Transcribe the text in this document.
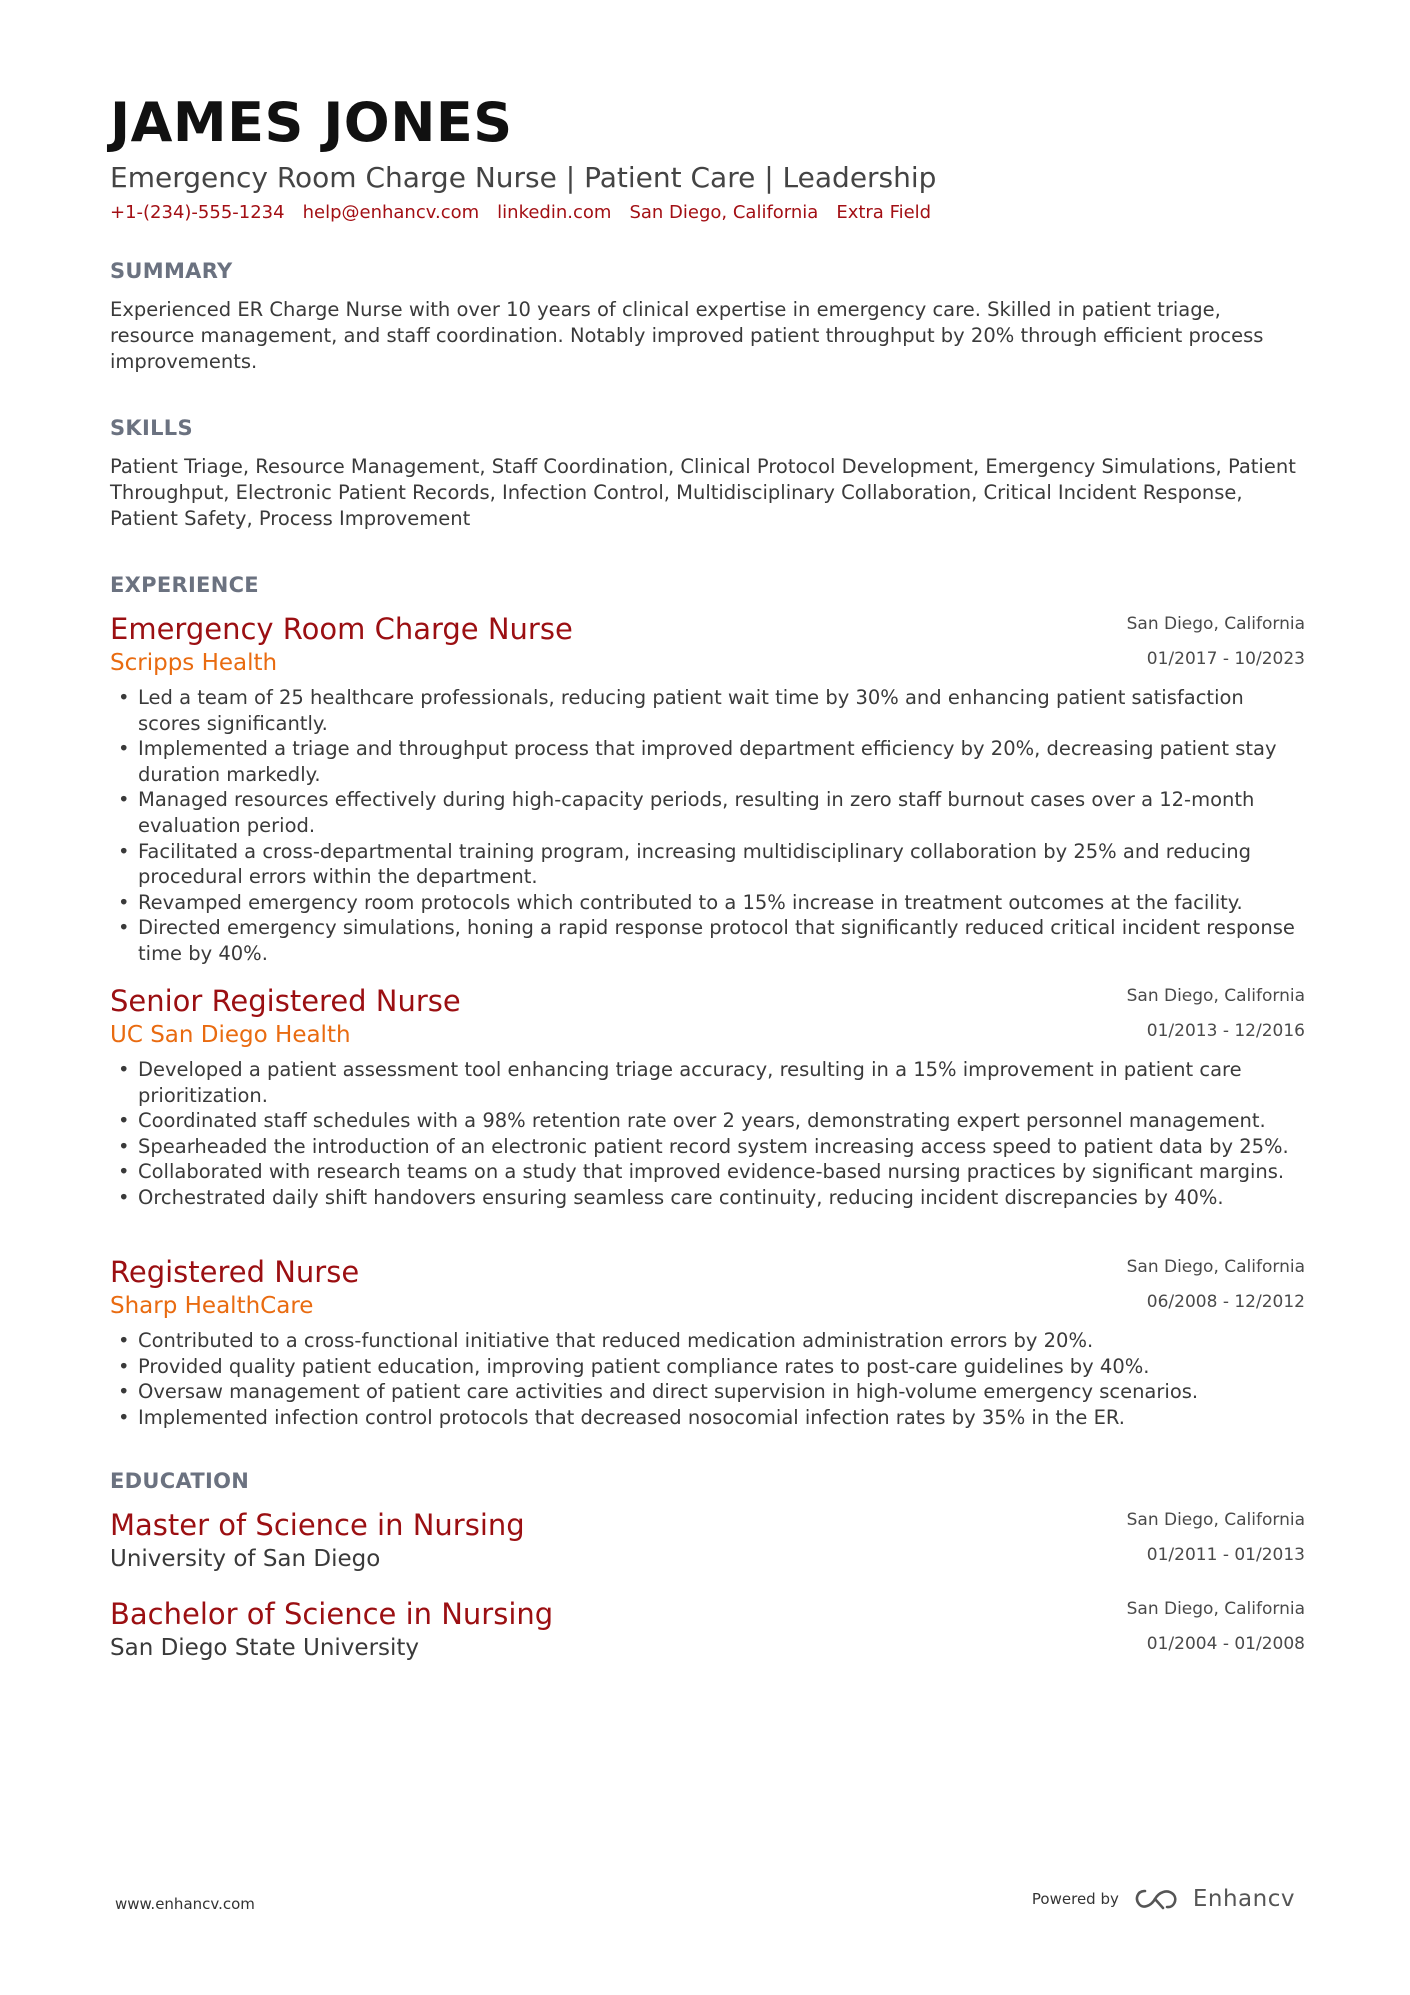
JAMES JONES
Emergency Room Charge Nurse | Patient Care | Leadership
+1-(234)-555-1234 help@enhancv.com linkedin.com San Diego, California Extra Field
SUMMARY

Experienced ER Charge Nurse with over 10 years of clinical expertise in emergency care. Skilled in patient triage, resource management, and staff coordination. Notably improved patient throughput by 20% through efficient process improvements.

SKILLS

Patient Triage, Resource Management, Staff Coordination, Clinical Protocol Development, Emergency Simulations, Patient Throughput, Electronic Patient Records, Infection Control, Multidisciplinary Collaboration, Critical Incident Response, Patient Safety, Process Improvement

EXPERIENCE
Emergency Room Charge Nurse	San Diego, California
Scripps Health	01/2017 - 10/2023
• Led a team of 25 healthcare professionals, reducing patient wait time by 30% and enhancing patient satisfaction scores significantly.
• Implemented a triage and throughput process that improved department efficiency by 20%, decreasing patient stay duration markedly.
• Managed resources effectively during high-capacity periods, resulting in zero staff burnout cases over a 12-month evaluation period.
• Facilitated a cross-departmental training program, increasing multidisciplinary collaboration by 25% and reducing procedural errors within the department.
• Revamped emergency room protocols which contributed to a 15% increase in treatment outcomes at the facility.
• Directed emergency simulations, honing a rapid response protocol that significantly reduced critical incident response time by 40%.
Senior Registered Nurse	San Diego, California
UC San Diego Health	01/2013 - 12/2016
• Developed a patient assessment tool enhancing triage accuracy, resulting in a 15% improvement in patient care prioritization.
• Coordinated staff schedules with a 98% retention rate over 2 years, demonstrating expert personnel management.
• Spearheaded the introduction of an electronic patient record system increasing access speed to patient data by 25%.
• Collaborated with research teams on a study that improved evidence-based nursing practices by significant margins.
• Orchestrated daily shift handovers ensuring seamless care continuity, reducing incident discrepancies by 40%.
Registered Nurse	San Diego, California
Sharp HealthCare	06/2008 - 12/2012
• Contributed to a cross-functional initiative that reduced medication administration errors by 20%.
• Provided quality patient education, improving patient compliance rates to post-care guidelines by 40%.
• Oversaw management of patient care activities and direct supervision in high-volume emergency scenarios.
• Implemented infection control protocols that decreased nosocomial infection rates by 35% in the ER.
EDUCATION
Master of Science in Nursing	San Diego, California
University of San Diego	01/2011 - 01/2013
Bachelor of Science in Nursing	San Diego, California
San Diego State University	01/2004 - 01/2008
www.enhancv.com	Powered by	Enhancv
